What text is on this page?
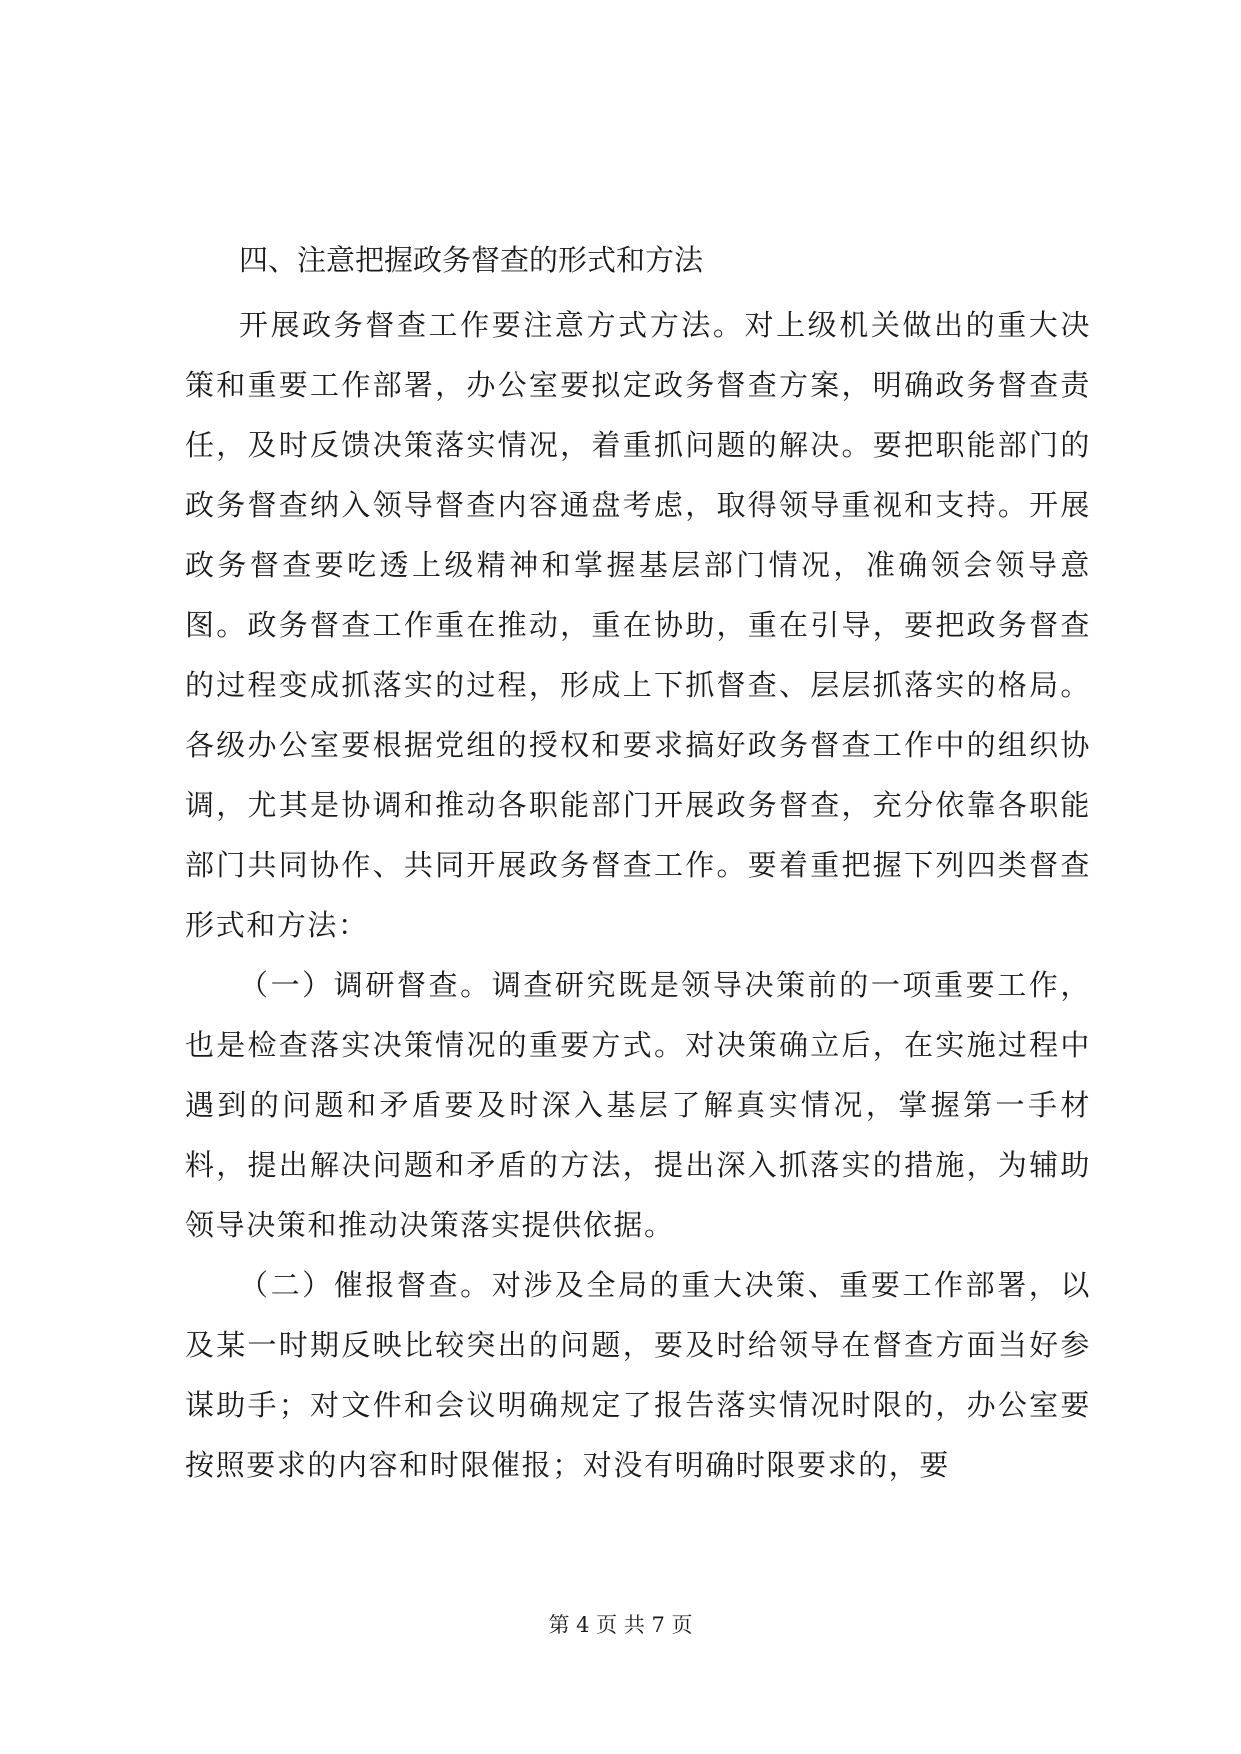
四、注意把握政务督查的形式和方法

开展政务督查工作要注意方式方法。对上级机关做出的重大决策和重要工作部署，办公室要拟定政务督查方案，明确政务督查责任，及时反馈决策落实情况，着重抓问题的解决。要把职能部门的政务督查纳入领导督查内容通盘考虑，取得领导重视和支持。开展政务督查要吃透上级精神和掌握基层部门情况，准确领会领导意图。政务督查工作重在推动，重在协助，重在引导，要把政务督查的过程变成抓落实的过程，形成上下抓督查、层层抓落实的格局。各级办公室要根据党组的授权和要求搞好政务督查工作中的组织协调，尤其是协调和推动各职能部门开展政务督查，充分依靠各职能部门共同协作、共同开展政务督查工作。要着重把握下列四类督查形式和方法：

（一）调研督查。调查研究既是领导决策前的一项重要工作，也是检查落实决策情况的重要方式。对决策确立后，在实施过程中遇到的问题和矛盾要及时深入基层了解真实情况，掌握第一手材料，提出解决问题和矛盾的方法，提出深入抓落实的措施，为辅助领导决策和推动决策落实提供依据。

（二）催报督查。对涉及全局的重大决策、重要工作部署，以及某一时期反映比较突出的问题，要及时给领导在督查方面当好参谋助手；对文件和会议明确规定了报告落实情况时限的，办公室要按照要求的内容和时限催报；对没有明确时限要求的，要

第 4 页 共 7 页
